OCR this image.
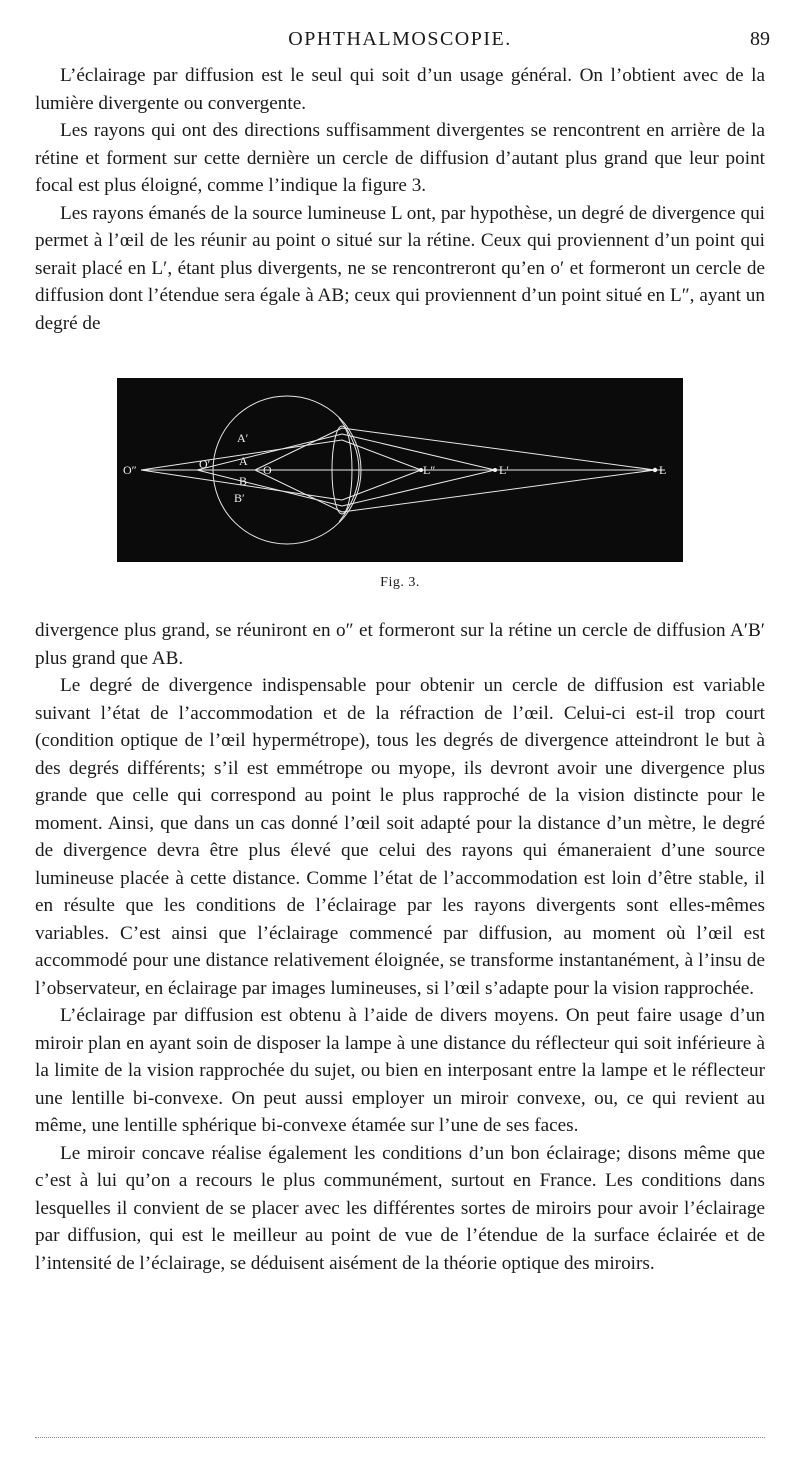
OPHTHALMOSCOPIE.	89

L’éclairage par diffusion est le seul qui soit d’un usage général. On l’obtient avec de la lumière divergente ou convergente.

Les rayons qui ont des directions suffisamment divergentes se rencontrent en arrière de la rétine et forment sur cette dernière un cercle de diffusion d’autant plus grand que leur point focal est plus éloigné, comme l’indique la figure 3.

Les rayons émanés de la source lumineuse L ont, par hypothèse, un degré de divergence qui permet à l’œil de les réunir au point o situé sur la rétine. Ceux qui proviennent d’un point qui serait placé en L′, étant plus divergents, ne se rencontreront qu’en o′ et formeront un cercle de diffusion dont l’étendue sera égale à AB; ceux qui proviennent d’un point situé en L″, ayant un degré de

O″	O′	O
A′
A
B
B′
L″	L′	L
Fig. 3.

divergence plus grand, se réuniront en o″ et formeront sur la rétine un cercle de diffusion A′B′ plus grand que AB.

Le degré de divergence indispensable pour obtenir un cercle de diffusion est variable suivant l’état de l’accommodation et de la réfraction de l’œil. Celui-ci est-il trop court (condition optique de l’œil hypermétrope), tous les degrés de divergence atteindront le but à des degrés différents; s’il est emmétrope ou myope, ils devront avoir une divergence plus grande que celle qui correspond au point le plus rapproché de la vision distincte pour le moment. Ainsi, que dans un cas donné l’œil soit adapté pour la distance d’un mètre, le degré de divergence devra être plus élevé que celui des rayons qui émaneraient d’une source lumineuse placée à cette distance. Comme l’état de l’accommodation est loin d’être stable, il en résulte que les conditions de l’éclairage par les rayons divergents sont elles-mêmes variables. C’est ainsi que l’éclairage commencé par diffusion, au moment où l’œil est accommodé pour une distance relativement éloignée, se transforme instantanément, à l’insu de l’observateur, en éclairage par images lumineuses, si l’œil s’adapte pour la vision rapprochée.

L’éclairage par diffusion est obtenu à l’aide de divers moyens. On peut faire usage d’un miroir plan en ayant soin de disposer la lampe à une distance du réflecteur qui soit inférieure à la limite de la vision rapprochée du sujet, ou bien en interposant entre la lampe et le réflecteur une lentille bi-convexe. On peut aussi employer un miroir convexe, ou, ce qui revient au même, une lentille sphérique bi-convexe étamée sur l’une de ses faces.

Le miroir concave réalise également les conditions d’un bon éclairage; disons même que c’est à lui qu’on a recours le plus communément, surtout en France. Les conditions dans lesquelles il convient de se placer avec les différentes sortes de miroirs pour avoir l’éclairage par diffusion, qui est le meilleur au point de vue de l’étendue de la surface éclairée et de l’intensité de l’éclairage, se déduisent aisément de la théorie optique des miroirs.
